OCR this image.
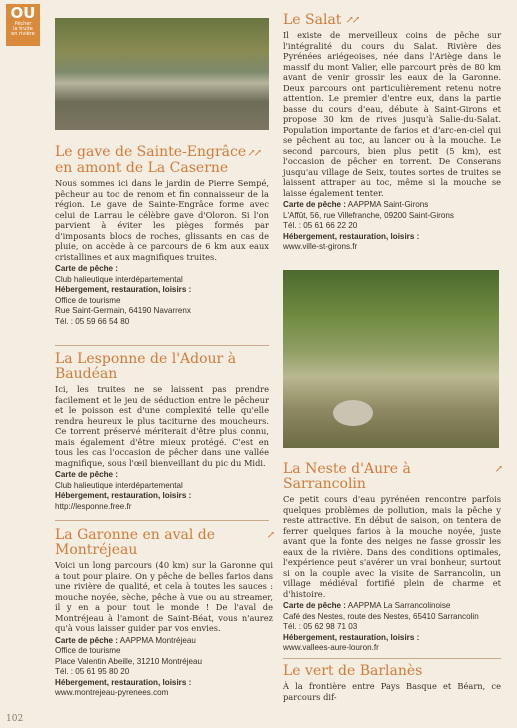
OU
Pêcher
la truite
en rivière
Le Salat ↗↗

Il existe de merveilleux coins de pêche sur l'intégralité du cours du Salat. Rivière des Pyrénées ariégeoises, née dans l'Ariège dans le massif du mont Valier, elle parcourt près de 80 km avant de venir grossir les eaux de la Garonne. Deux parcours ont particulièrement retenu notre attention. Le premier d'entre eux, dans la partie basse du cours d'eau, débute à Saint-Girons et propose 30 km de rives jusqu'à Salie-du-Salat. Population importante de farios et d'arc-en-ciel qui se pêchent au toc, au lancer ou à la mouche. Le second parcours, bien plus petit (5 km), est l'occasion de pêcher en torrent. De Conserans jusqu'au village de Seix, toutes sortes de truites se laissent attraper au toc, même si la mouche se laisse également tenter.

Carte de pêche : AAPPMA Saint-Girons

L'Affût, 56, rue Villefranche, 09200 Saint-Girons

Tél. : 05 61 66 22 20

Hébergement, restauration, loisirs :

www.ville-st-girons.fr

Le gave de Sainte-Engrâce ↗↗
en amont de La Caserne

Nous sommes ici dans le jardin de Pierre Sempé, pêcheur au toc de renom et fin connaisseur de la région. Le gave de Sainte-Engrâce forme avec celui de Larrau le célèbre gave d'Oloron. Si l'on parvient à éviter les pièges formés par d'imposants blocs de roches, glissants en cas de pluie, on accède à ce parcours de 6 km aux eaux cristallines et aux magnifiques truites.

Carte de pêche :

Club halieutique interdépartemental

Hébergement, restauration, loisirs :

Office de tourisme

Rue Saint-Germain, 64190 Navarrenx

Tél. : 05 59 66 54 80

La Lesponne de l'Adour à Baudéan

Ici, les truites ne se laissent pas prendre facilement et le jeu de séduction entre le pêcheur et le poisson est d'une complexité telle qu'elle rendra heureux le plus taciturne des moucheurs. Ce torrent préservé mériterait d'être plus connu, mais également d'être mieux protégé. C'est en tous les cas l'occasion de pêcher dans une vallée magnifique, sous l'œil bienveillant du pic du Midi.

Carte de pêche :

Club halieutique interdépartemental

Hébergement, restauration, loisirs :

http://lesponne.free.fr

La Garonne en aval de Montréjeau
↗

Voici un long parcours (40 km) sur la Garonne qui a tout pour plaire. On y pêche de belles farios dans une rivière de qualité, et cela à toutes les sauces : mouche noyée, sèche, pêche à vue ou au streamer, il y en a pour tout le monde ! De l'aval de Montréjeau à l'amont de Saint-Béat, vous n'aurez qu'à vous laisser guider par vos envies.

Carte de pêche : AAPPMA Montréjeau

Office de tourisme

Place Valentin Abeille, 31210 Montréjeau

Tél. : 05 61 95 80 20

Hébergement, restauration, loisirs :

www.montrejeau-pyrenees.com

La Neste d'Aure à Sarrancolin
↗

Ce petit cours d'eau pyrénéen rencontre parfois quelques problèmes de pollution, mais la pêche y reste attractive. En début de saison, on tentera de ferrer quelques farios à la mouche noyée, juste avant que la fonte des neiges ne fasse grossir les eaux de la rivière. Dans des conditions optimales, l'expérience peut s'avérer un vrai bonheur, surtout si on la couple avec la visite de Sarrancolin, un village médiéval fortifié plein de charme et d'histoire.

Carte de pêche : AAPPMA La Sarrancolinoise

Café des Nestes, route des Nestes, 65410 Sarrancolin

Tél. : 05 62 98 71 03

Hébergement, restauration, loisirs :

www.vallees-aure-louron.fr

Le vert de Barlanès

À la frontière entre Pays Basque et Béarn, ce parcours dif-

102
